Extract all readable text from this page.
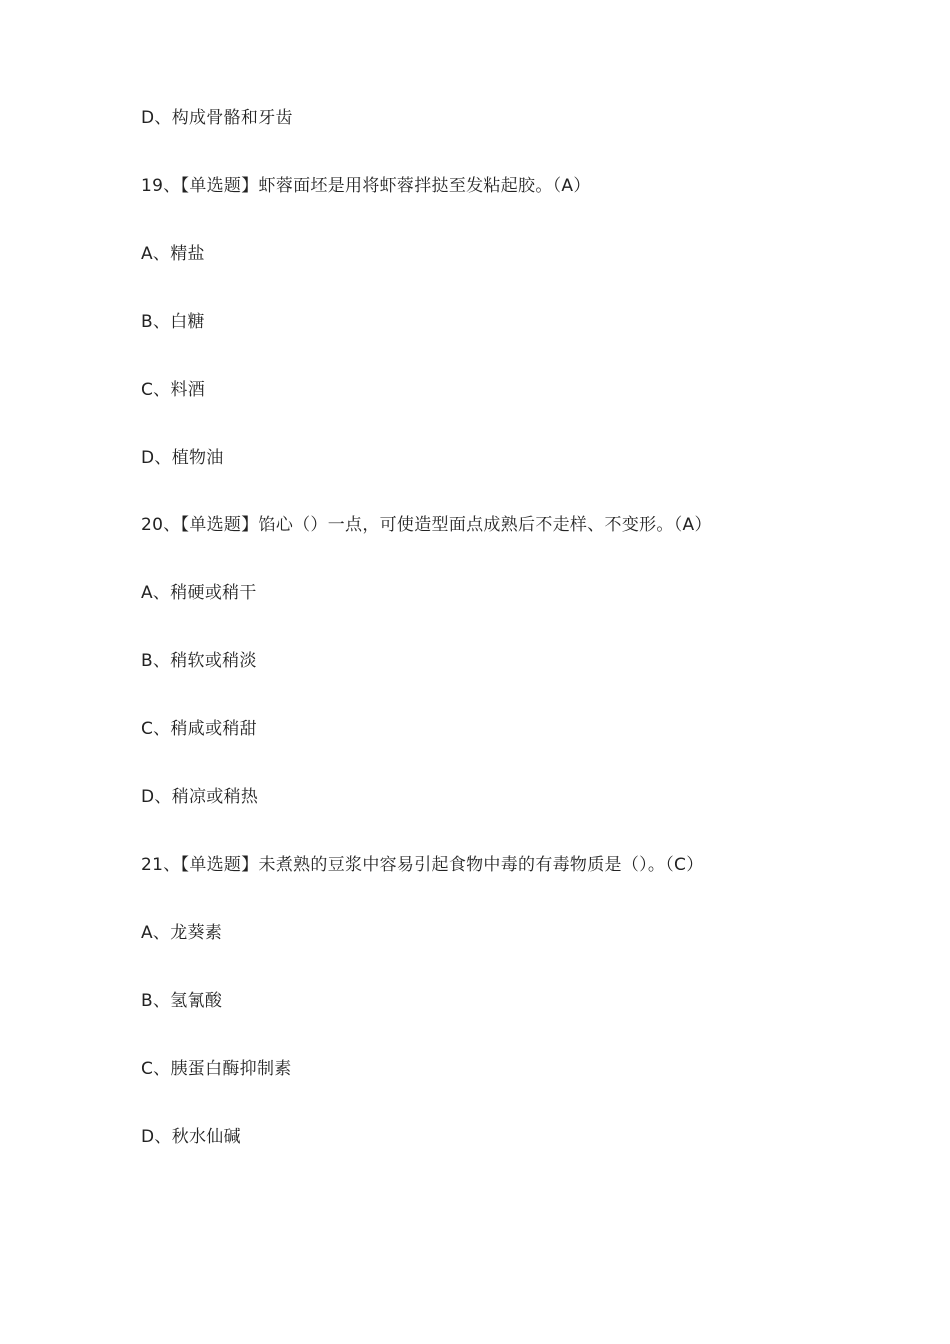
D、构成骨骼和牙齿
19、【单选题】虾蓉面坯是用将虾蓉拌挞至发粘起胶。（A）
A、精盐
B、白糖
C、料酒
D、植物油
20、【单选题】馅心（）一点，可使造型面点成熟后不走样、不变形。（A）
A、稍硬或稍干
B、稍软或稍淡
C、稍咸或稍甜
D、稍凉或稍热
21、【单选题】未煮熟的豆浆中容易引起食物中毒的有毒物质是（）。（C）
A、龙葵素
B、氢氰酸
C、胰蛋白酶抑制素
D、秋水仙碱
